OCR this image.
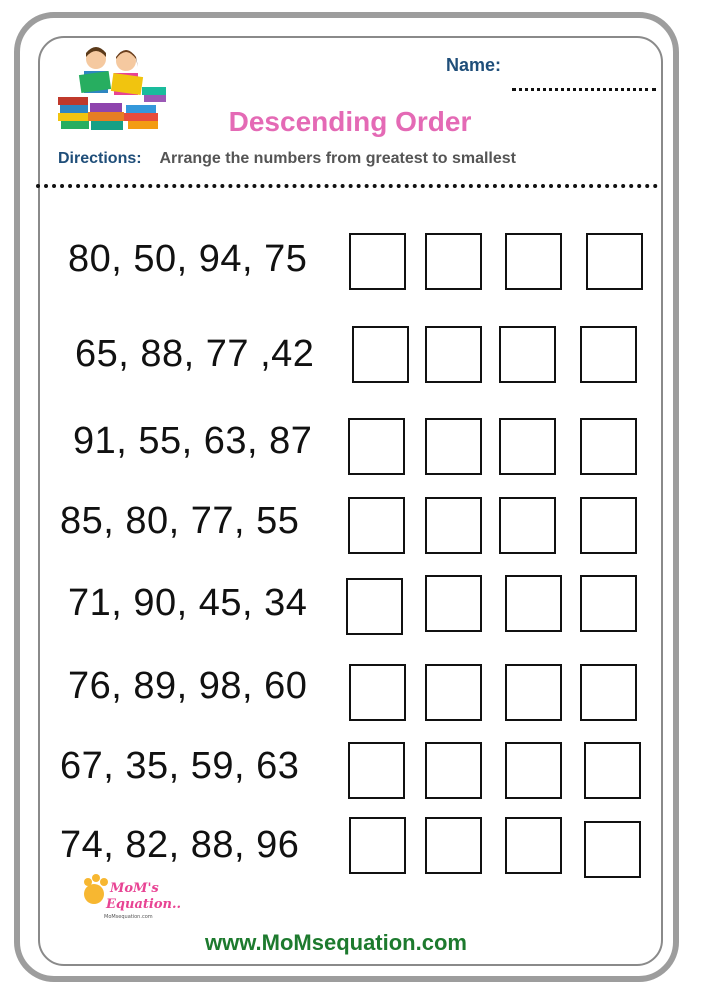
Name:
Descending Order
Directions: Arrange the numbers from greatest to smallest
80, 50, 94, 75
65, 88, 77 ,42
91, 55, 63, 87
85, 80, 77, 55
71, 90, 45, 34
76, 89, 98, 60
67, 35, 59, 63
74, 82, 88, 96
MoM's
Equation..
MoMsequation.com
www.MoMsequation.com
